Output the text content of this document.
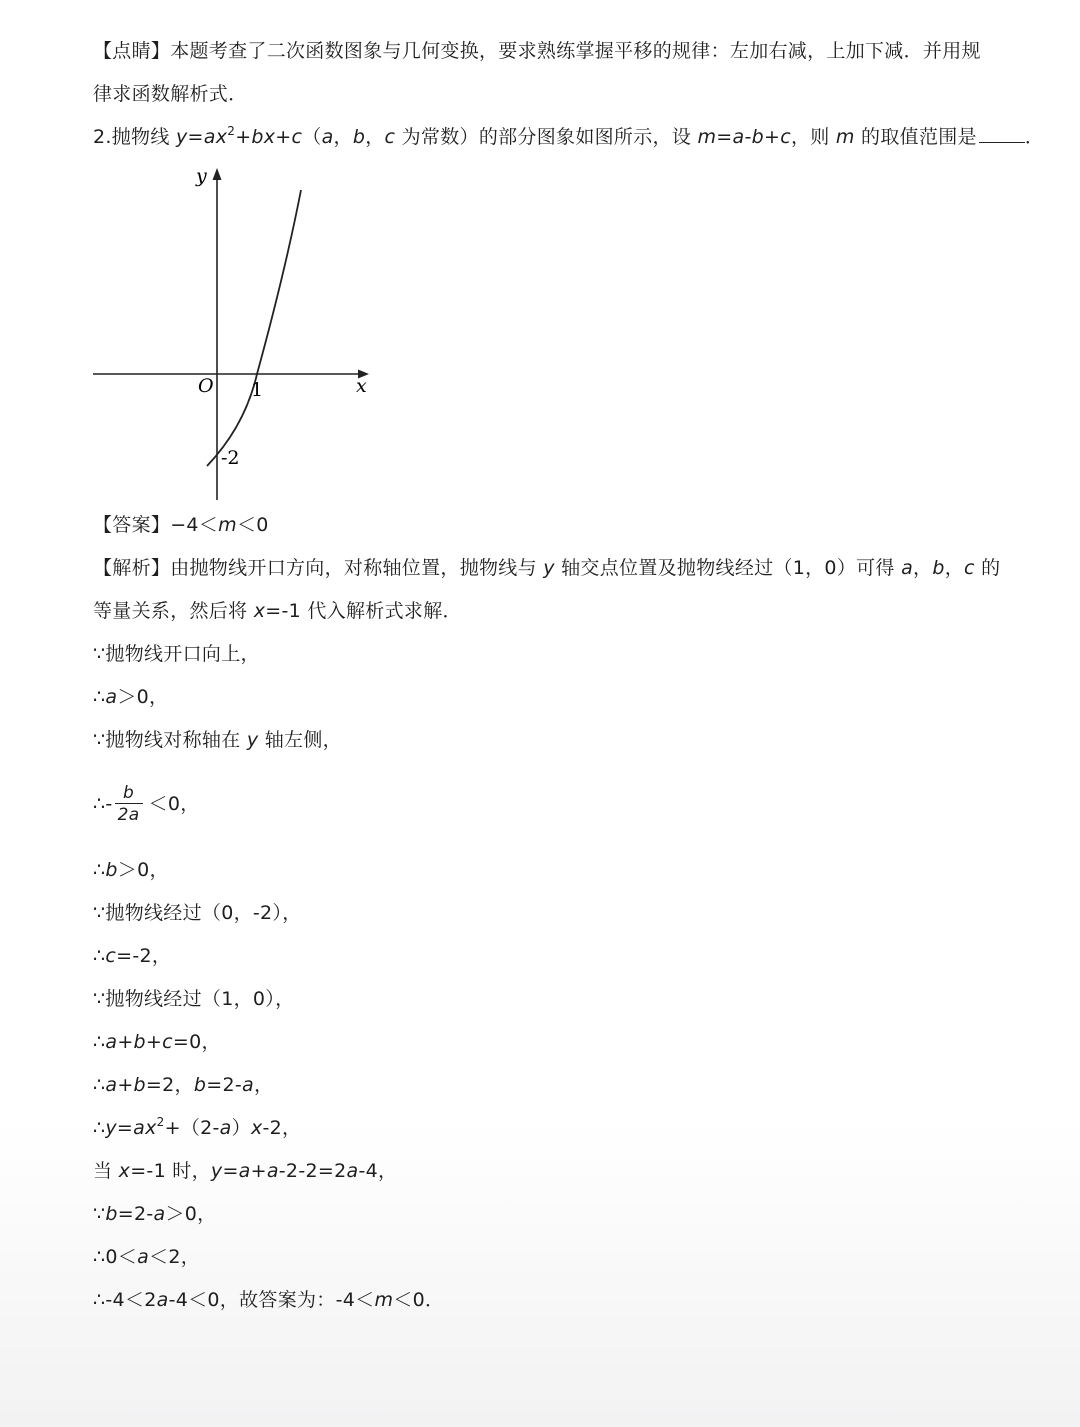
【点睛】本题考查了二次函数图象与几何变换，要求熟练掌握平移的规律：左加右减，上加下减．并用规
律求函数解析式．
2.抛物线 $y=ax^2+bx+c(a$，b，c 为常数）的部分图象如图所示，设 m=a-b+c，则 m 的取值范围是	．
y
x
O 1
-2
【答案】−4＜m＜0
【解析】由抛物线开口方向，对称轴位置，抛物线与 y 轴交点位置及抛物线经过（1，0）可得 a，b，c 的
等量关系，然后将 x=-1 代入解析式求解．
∵抛物线开口向上，
∴a＞0，
∵抛物线对称轴在 y 轴左侧，
∴- $\frac{b}{2a} <0$，
∴b＞0，
∵抛物线经过（0，-2），
∴c=-2，
∵抛物线经过（1，0），
∴a+b+c=0，
∴a+b=2，b=2-a，
$\therefore y=ax^2+(2-a)x-2$，
当 x=-1 时，y=a+a-2-2=2a-4，
∵b=2-a＞0，
∴0＜a＜2，
∴-4＜2a-4＜0，故答案为：-4＜m＜0．
